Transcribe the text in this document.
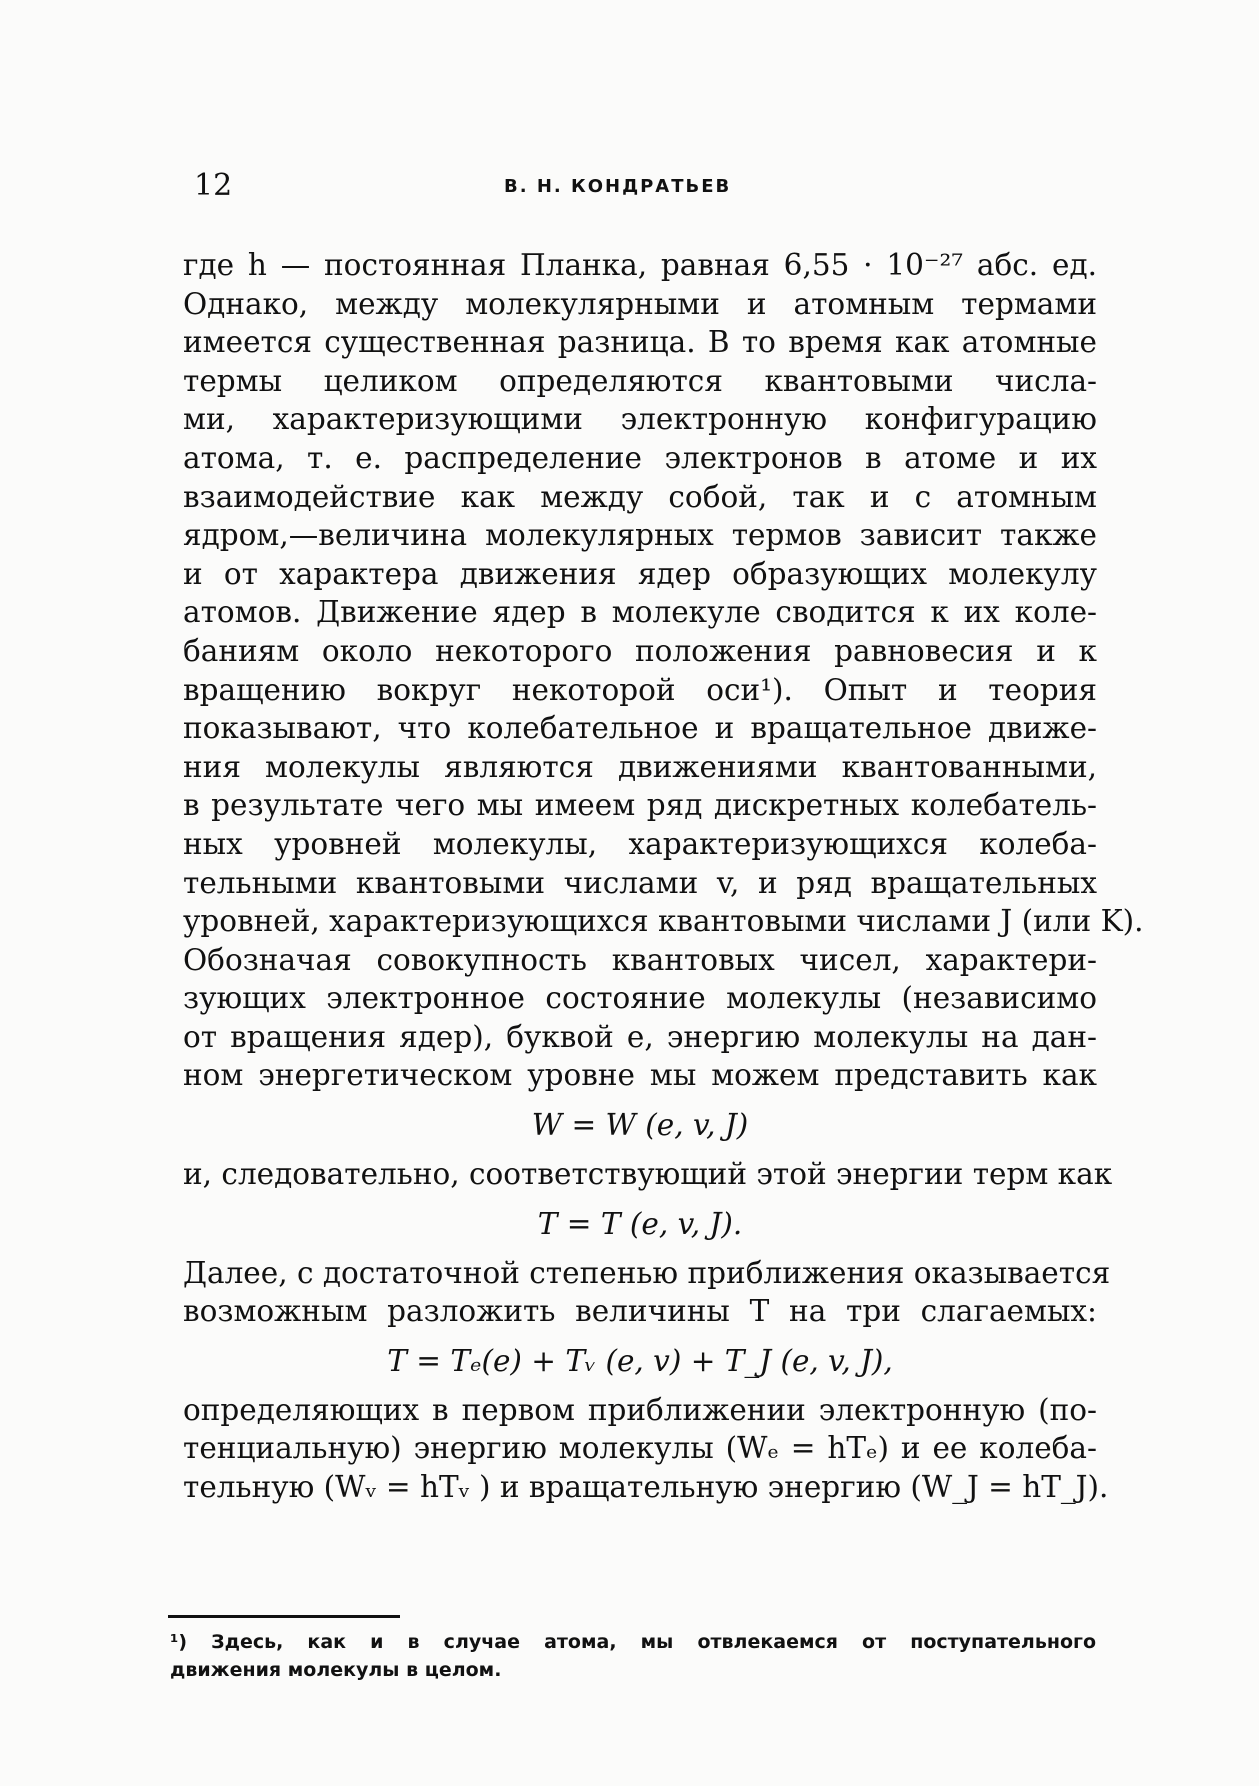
12	В. Н. КОНДРАТЬЕВ
где h — постоянная Планка, равная 6,55 · 10⁻²⁷ абс. ед.
Однако, между молекулярными и атомным термами
имеется существенная разница. В то время как атомные
термы целиком определяются квантовыми числа-
ми, характеризующими электронную конфигурацию
атома, т. е. распределение электронов в атоме и их
взаимодействие как между собой, так и с атомным
ядром,—величина молекулярных термов зависит также
и от характера движения ядер образующих молекулу
атомов. Движение ядер в молекуле сводится к их коле-
баниям около некоторого положения равновесия и к
вращению вокруг некоторой оси¹). Опыт и теория
показывают, что колебательное и вращательное движе-
ния молекулы являются движениями квантованными,
в результате чего мы имеем ряд дискретных колебатель-
ных уровней молекулы, характеризующихся колеба-
тельными квантовыми числами v, и ряд вращательных
уровней, характеризующихся квантовыми числами J (или K).
Обозначая совокупность квантовых чисел, характери-
зующих электронное состояние молекулы (независимо
от вращения ядер), буквой e, энергию молекулы на дан-
ном энергетическом уровне мы можем представить как
W = W (e, v, J)
и, следовательно, соответствующий этой энергии терм как
T = T (e, v, J).
Далее, с достаточной степенью приближения оказывается
возможным разложить величины T на три слагаемых:
T = Tₑ(e) + Tᵥ (e, v) + T_J (e, v, J),
определяющих в первом приближении электронную (по-
тенциальную) энергию молекулы (Wₑ = hTₑ) и ее колеба-
тельную (Wᵥ = hTᵥ ) и вращательную энергию (W_J = hT_J).
¹) Здесь, как и в случае атома, мы отвлекаемся от поступательного
движения молекулы в целом.
